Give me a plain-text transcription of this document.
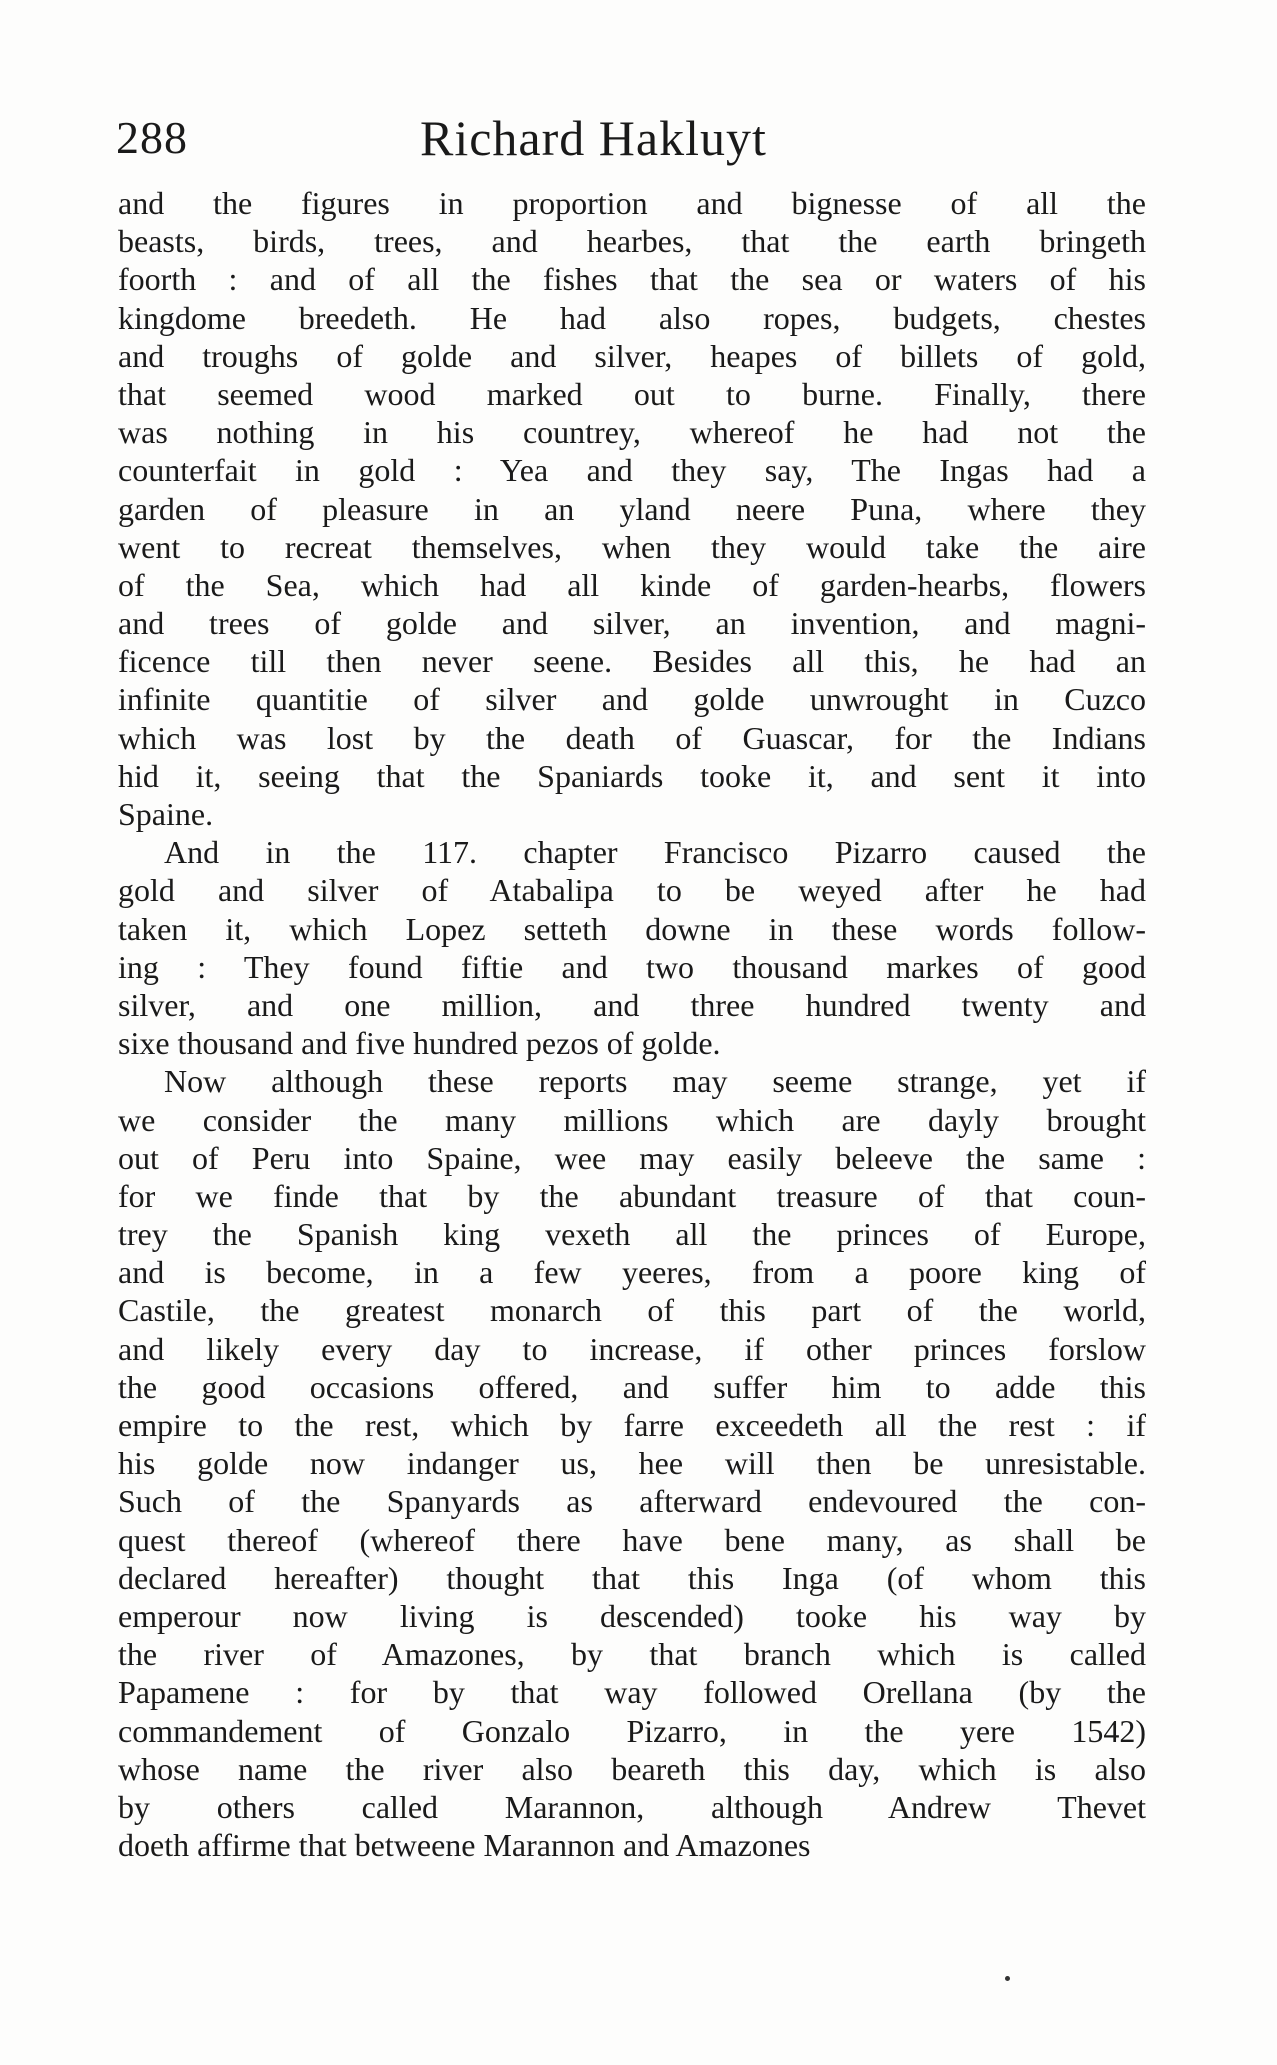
288	Richard Hakluyt
and the figures in proportion and bignesse of all the
beasts, birds, trees, and hearbes, that the earth bringeth
foorth : and of all the fishes that the sea or waters of his
kingdome breedeth. He had also ropes, budgets, chestes
and troughs of golde and silver, heapes of billets of gold,
that seemed wood marked out to burne. Finally, there
was nothing in his countrey, whereof he had not the
counterfait in gold : Yea and they say, The Ingas had a
garden of pleasure in an yland neere Puna, where they
went to recreat themselves, when they would take the aire
of the Sea, which had all kinde of garden-hearbs, flowers
and trees of golde and silver, an invention, and magni-
ficence till then never seene. Besides all this, he had an
infinite quantitie of silver and golde unwrought in Cuzco
which was lost by the death of Guascar, for the Indians
hid it, seeing that the Spaniards tooke it, and sent it into
Spaine.
And in the 117. chapter Francisco Pizarro caused the
gold and silver of Atabalipa to be weyed after he had
taken it, which Lopez setteth downe in these words follow-
ing : They found fiftie and two thousand markes of good
silver, and one million, and three hundred twenty and
sixe thousand and five hundred pezos of golde.
Now although these reports may seeme strange, yet if
we consider the many millions which are dayly brought
out of Peru into Spaine, wee may easily beleeve the same :
for we finde that by the abundant treasure of that coun-
trey the Spanish king vexeth all the princes of Europe,
and is become, in a few yeeres, from a poore king of
Castile, the greatest monarch of this part of the world,
and likely every day to increase, if other princes forslow
the good occasions offered, and suffer him to adde this
empire to the rest, which by farre exceedeth all the rest : if
his golde now indanger us, hee will then be unresistable.
Such of the Spanyards as afterward endevoured the con-
quest thereof (whereof there have bene many, as shall be
declared hereafter) thought that this Inga (of whom this
emperour now living is descended) tooke his way by
the river of Amazones, by that branch which is called
Papamene : for by that way followed Orellana (by the
commandement of Gonzalo Pizarro, in the yere 1542)
whose name the river also beareth this day, which is also
by others called Marannon, although Andrew Thevet
doeth affirme that betweene Marannon and Amazones
